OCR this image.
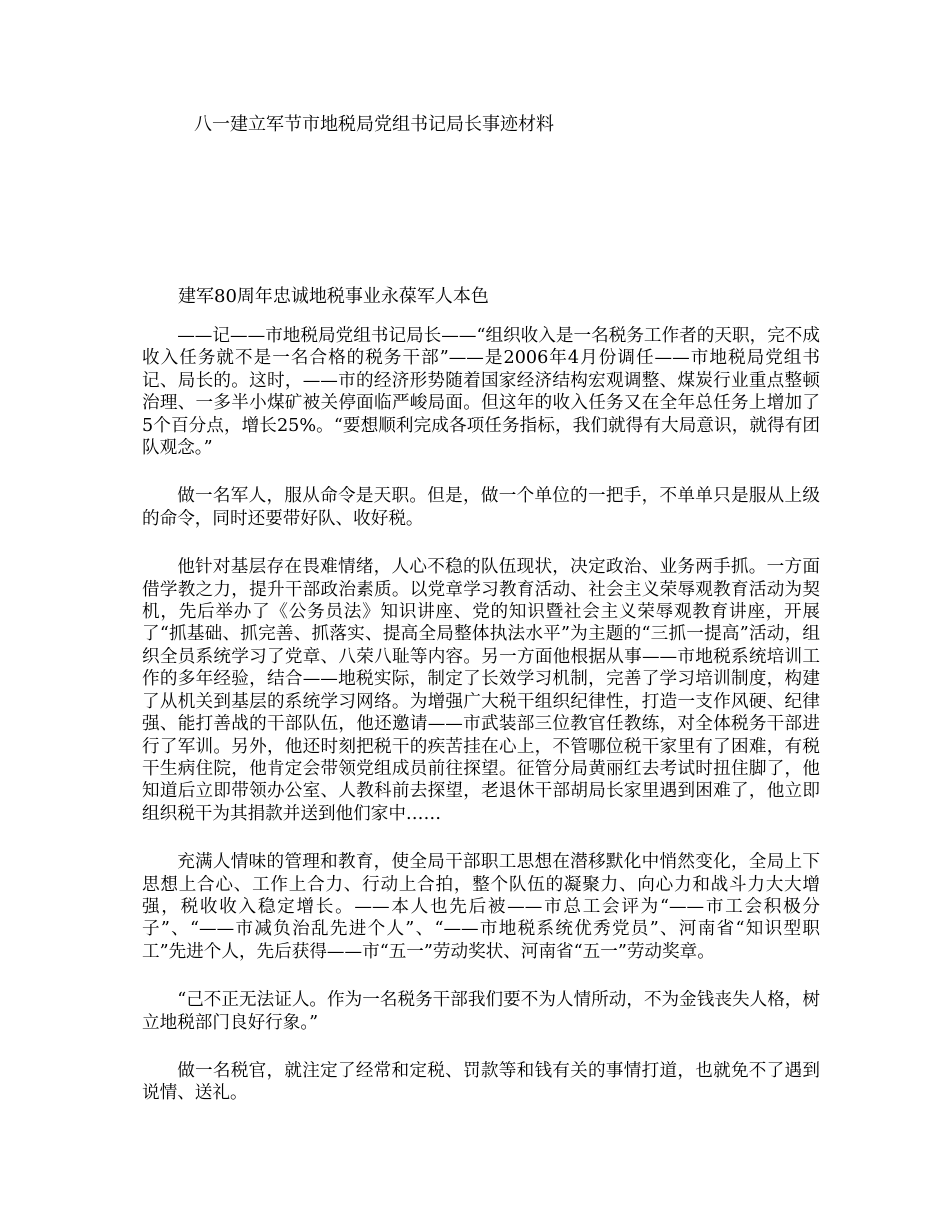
八一建立军节市地税局党组书记局长事迹材料
建军80周年忠诚地税事业永葆军人本色

——记——市地税局党组书记局长——“组织收入是一名税务工作者的天职，完不成收入任务就不是一名合格的税务干部”——是2006年4月份调任——市地税局党组书记、局长的。这时，——市的经济形势随着国家经济结构宏观调整、煤炭行业重点整顿治理、一多半小煤矿被关停面临严峻局面。但这年的收入任务又在全年总任务上增加了5个百分点，增长25%。“要想顺利完成各项任务指标，我们就得有大局意识，就得有团队观念。”

做一名军人，服从命令是天职。但是，做一个单位的一把手，不单单只是服从上级的命令，同时还要带好队、收好税。

他针对基层存在畏难情绪，人心不稳的队伍现状，决定政治、业务两手抓。一方面借学教之力，提升干部政治素质。以党章学习教育活动、社会主义荣辱观教育活动为契机，先后举办了《公务员法》知识讲座、党的知识暨社会主义荣辱观教育讲座，开展了“抓基础、抓完善、抓落实、提高全局整体执法水平”为主题的“三抓一提高”活动，组织全员系统学习了党章、八荣八耻等内容。另一方面他根据从事——市地税系统培训工作的多年经验，结合——地税实际，制定了长效学习机制，完善了学习培训制度，构建了从机关到基层的系统学习网络。为增强广大税干组织纪律性，打造一支作风硬、纪律强、能打善战的干部队伍，他还邀请——市武装部三位教官任教练，对全体税务干部进行了军训。另外，他还时刻把税干的疾苦挂在心上，不管哪位税干家里有了困难，有税干生病住院，他肯定会带领党组成员前往探望。征管分局黄丽红去考试时扭住脚了，他知道后立即带领办公室、人教科前去探望，老退休干部胡局长家里遇到困难了，他立即组织税干为其捐款并送到他们家中……

充满人情味的管理和教育，使全局干部职工思想在潜移默化中悄然变化，全局上下思想上合心、工作上合力、行动上合拍，整个队伍的凝聚力、向心力和战斗力大大增强，税收收入稳定增长。——本人也先后被——市总工会评为“——市工会积极分子”、“——市减负治乱先进个人”、“——市地税系统优秀党员”、河南省“知识型职工”先进个人，先后获得——市“五一”劳动奖状、河南省“五一”劳动奖章。

“己不正无法证人。作为一名税务干部我们要不为人情所动，不为金钱丧失人格，树立地税部门良好行象。”

做一名税官，就注定了经常和定税、罚款等和钱有关的事情打道，也就免不了遇到说情、送礼。
